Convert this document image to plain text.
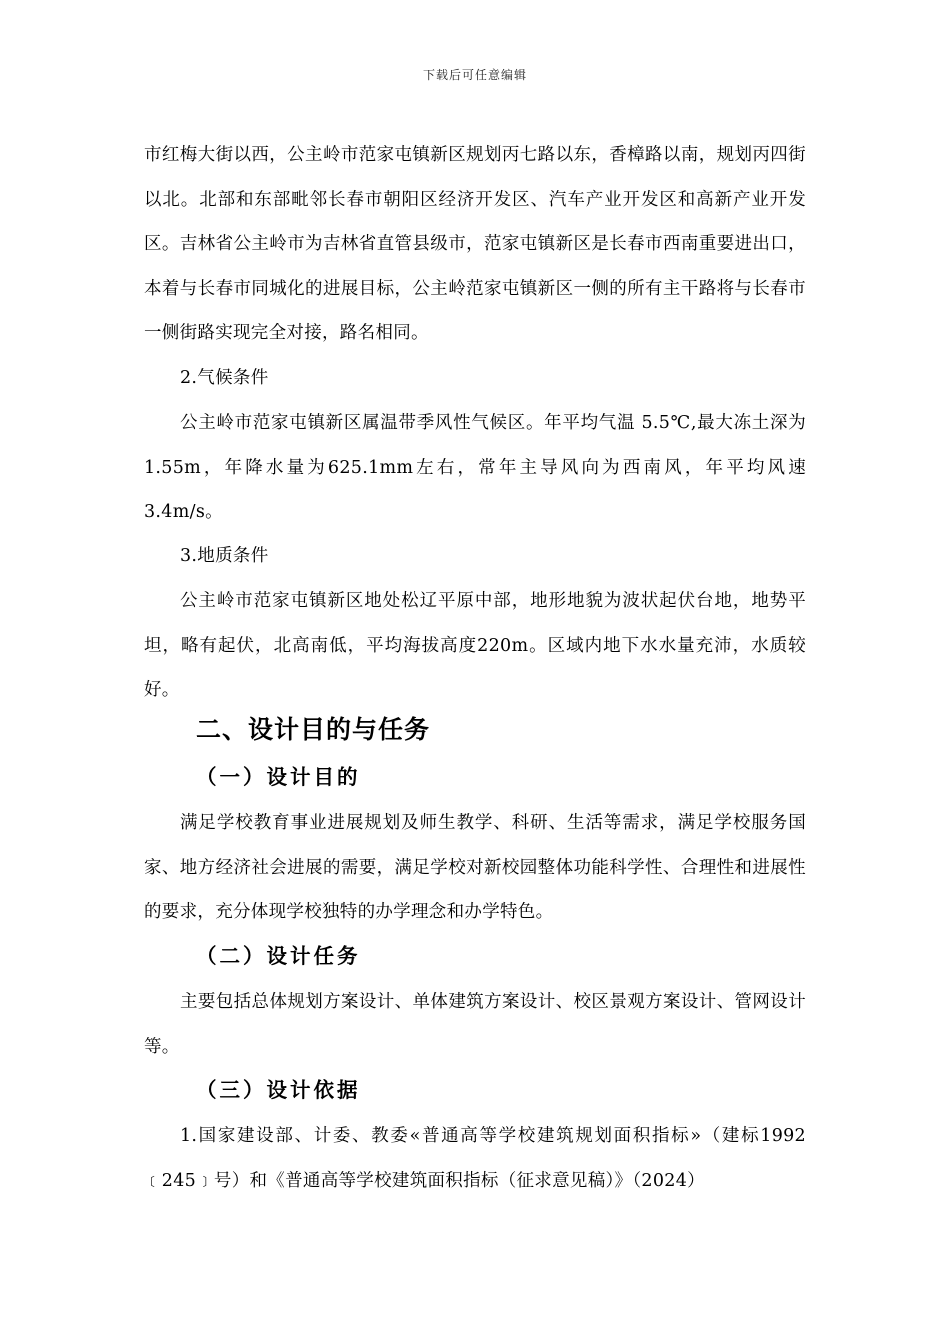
下载后可任意编辑
市红梅大街以西，公主岭市范家屯镇新区规划丙七路以东，香樟路以南，规划丙四街以北。北部和东部毗邻长春市朝阳区经济开发区、汽车产业开发区和高新产业开发区。吉林省公主岭市为吉林省直管县级市，范家屯镇新区是长春市西南重要进出口，本着与长春市同城化的进展目标，公主岭范家屯镇新区一侧的所有主干路将与长春市一侧街路实现完全对接，路名相同。
2.气候条件
公主岭市范家屯镇新区属温带季风性气候区。年平均气温 5.5℃,最大冻土深为1.55m，年降水量为625.1mm左右，常年主导风向为西南风，年平均风速3.4m/s。
3.地质条件
公主岭市范家屯镇新区地处松辽平原中部，地形地貌为波状起伏台地，地势平坦，略有起伏，北高南低，平均海拔高度220m。区域内地下水水量充沛，水质较好。
二、设计目的与任务
（一）设计目的
满足学校教育事业进展规划及师生教学、科研、生活等需求，满足学校服务国家、地方经济社会进展的需要，满足学校对新校园整体功能科学性、合理性和进展性的要求，充分体现学校独特的办学理念和办学特色。
（二）设计任务
主要包括总体规划方案设计、单体建筑方案设计、校区景观方案设计、管网设计等。
（三）设计依据
1.国家建设部、计委、教委«普通高等学校建筑规划面积指标»（建标1992﹝245﹞号）和《普通高等学校建筑面积指标（征求意见稿）》（2024）
